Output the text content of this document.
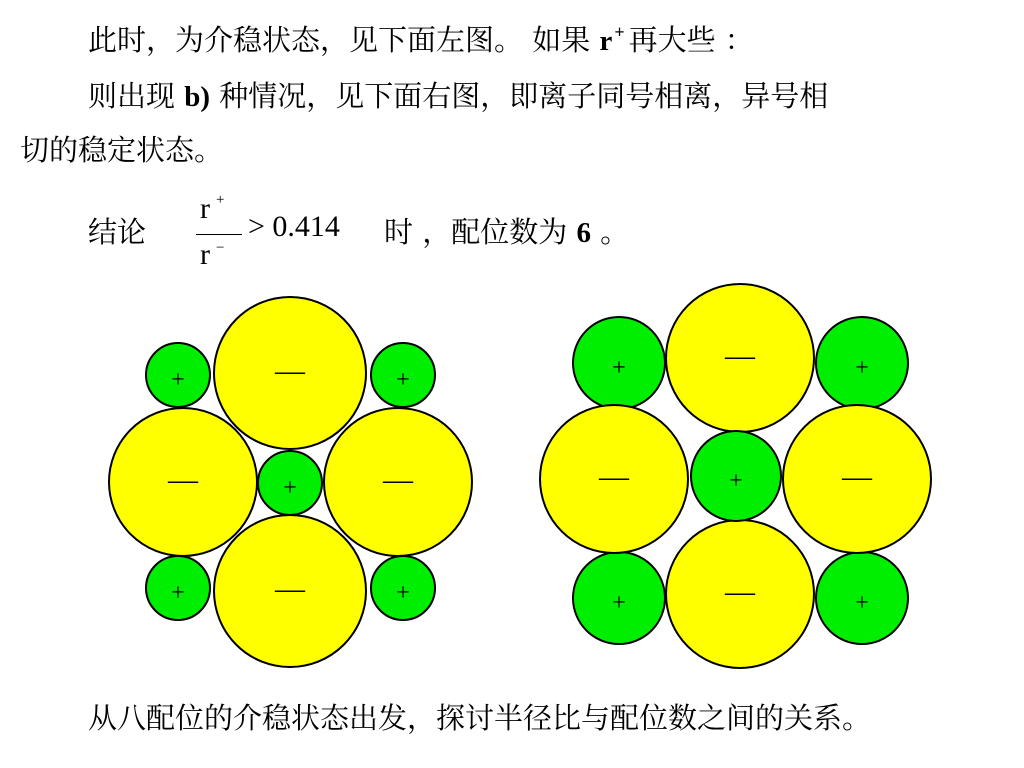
此时，为介稳状态，见下面左图。 如果 r + 再大些 ：
则出现 b) 种情况，见下面右图，即离子同号相离，异号相
切的稳定状态。
结论
r +
r −
> 0.414 时 ，配位数为 6 。
—
—	—
—
+	+
+	+
+
—
—	—
—
+	+
+	+
+
从八配位的介稳状态出发，探讨半径比与配位数之间的关系。
